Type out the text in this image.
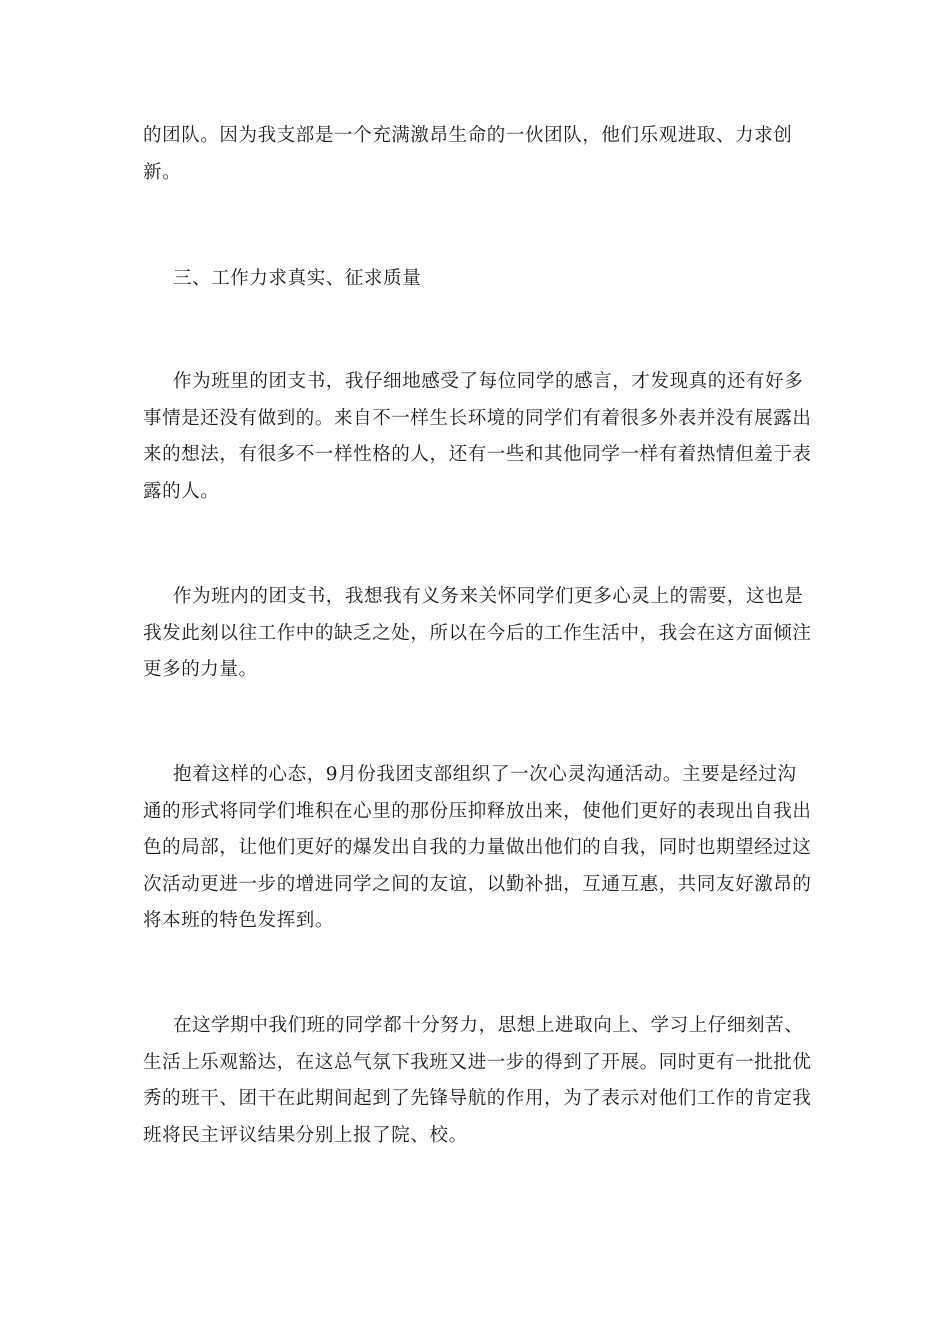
的团队。因为我支部是一个充满激昂生命的一伙团队，他们乐观进取、力求创新。

三、工作力求真实、征求质量

作为班里的团支书，我仔细地感受了每位同学的感言，才发现真的还有好多事情是还没有做到的。来自不一样生长环境的同学们有着很多外表并没有展露出来的想法，有很多不一样性格的人，还有一些和其他同学一样有着热情但羞于表露的人。

作为班内的团支书，我想我有义务来关怀同学们更多心灵上的需要，这也是我发此刻以往工作中的缺乏之处，所以在今后的工作生活中，我会在这方面倾注更多的力量。

抱着这样的心态，9月份我团支部组织了一次心灵沟通活动。主要是经过沟通的形式将同学们堆积在心里的那份压抑释放出来，使他们更好的表现出自我出色的局部，让他们更好的爆发出自我的力量做出他们的自我，同时也期望经过这次活动更进一步的增进同学之间的友谊，以勤补拙，互通互惠，共同友好激昂的将本班的特色发挥到。

在这学期中我们班的同学都十分努力，思想上进取向上、学习上仔细刻苦、生活上乐观豁达，在这总气氛下我班又进一步的得到了开展。同时更有一批批优秀的班干、团干在此期间起到了先锋导航的作用，为了表示对他们工作的肯定我班将民主评议结果分别上报了院、校。
